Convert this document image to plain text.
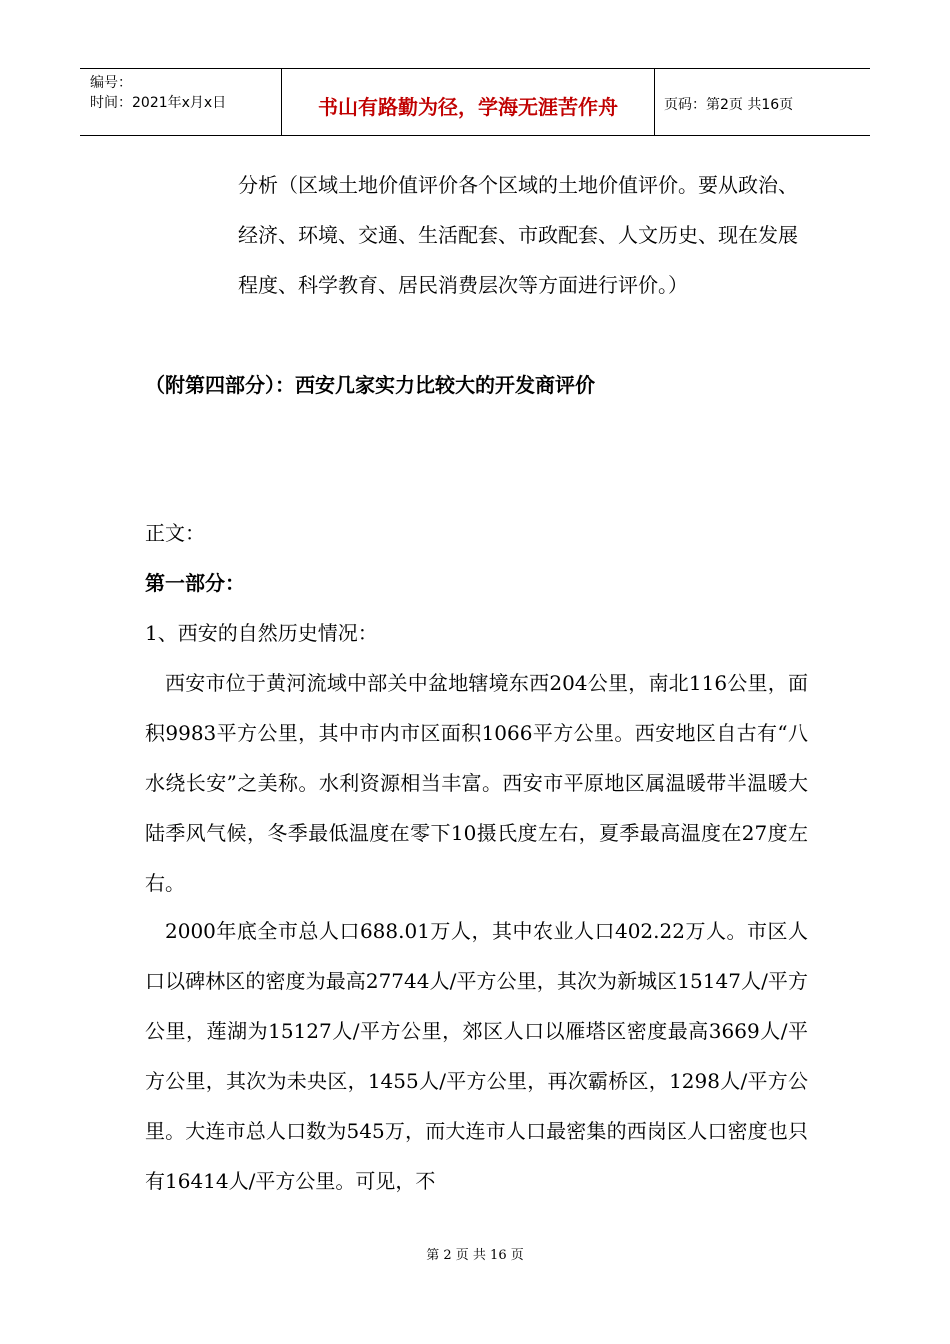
编号：
时间：2021年x月x日	书山有路勤为径，学海无涯苦作舟	页码：第2页 共16页
分析（区域土地价值评价各个区域的土地价值评价。要从政治、经济、环境、交通、生活配套、市政配套、人文历史、现在发展程度、科学教育、居民消费层次等方面进行评价。）
（附第四部分）：西安几家实力比较大的开发商评价
正文：
第一部分：
1、西安的自然历史情况：
西安市位于黄河流域中部关中盆地辖境东西204公里，南北116公里，面积9983平方公里，其中市内市区面积1066平方公里。西安地区自古有“八水绕长安”之美称。水利资源相当丰富。西安市平原地区属温暖带半温暖大陆季风气候，冬季最低温度在零下10摄氏度左右，夏季最高温度在27度左右。
2000年底全市总人口688.01万人，其中农业人口402.22万人。市区人口以碑林区的密度为最高27744人/平方公里，其次为新城区15147人/平方公里，莲湖为15127人/平方公里，郊区人口以雁塔区密度最高3669人/平方公里，其次为未央区，1455人/平方公里，再次霸桥区，1298人/平方公里。大连市总人口数为545万，而大连市人口最密集的西岗区人口密度也只有16414人/平方公里。可见，不
第 2 页 共 16 页
